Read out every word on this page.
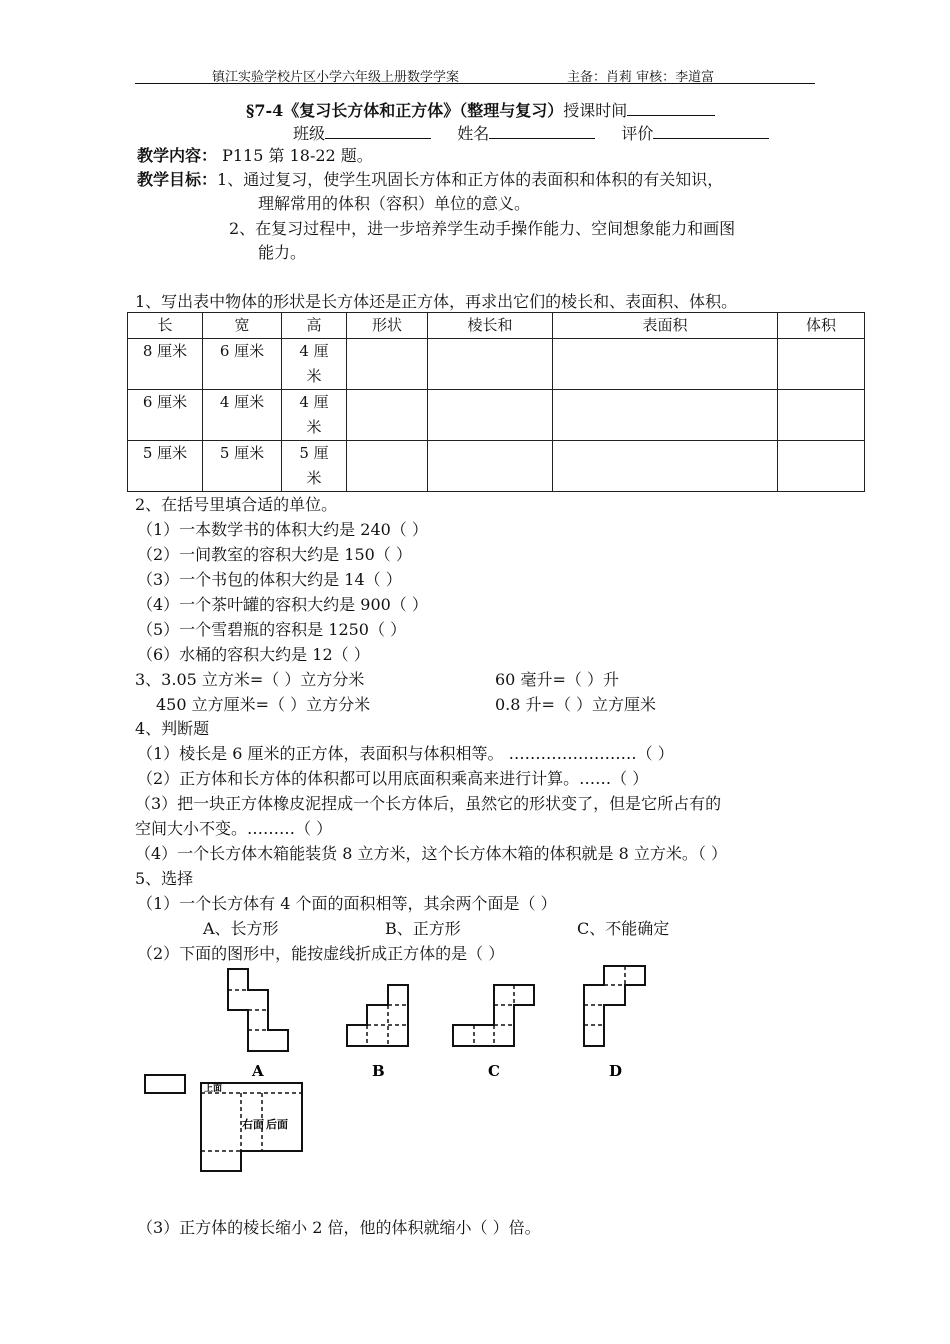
镇江实验学校片区小学六年级上册数学学案	主备：肖莉 审核：李道富
§7-4《复习长方体和正方体》（整理与复习）授课时间
班级	姓名	评价
教学内容： P115 第 18-22 题。
教学目标：1、通过复习，使学生巩固长方体和正方体的表面积和体积的有关知识，
理解常用的体积（容积）单位的意义。
2、在复习过程中，进一步培养学生动手操作能力、空间想象能力和画图
能力。
1、写出表中物体的形状是长方体还是正方体，再求出它们的棱长和、表面积、体积。
长	宽	高	形状	棱长和	表面积	体积
8 厘米	6 厘米	4 厘
米				

6 厘米	4 厘米	4 厘
米				

5 厘米	5 厘米	5 厘
米				

2、在括号里填合适的单位。
（1）一本数学书的体积大约是 240（ ）
（2）一间教室的容积大约是 150（ ）
（3）一个书包的体积大约是 14（ ）
（4）一个茶叶罐的容积大约是 900（ ）
（5）一个雪碧瓶的容积是 1250（ ）
（6）水桶的容积大约是 12（ ）
3、3.05 立方米=（ ）立方分米	60 毫升=（ ）升
450 立方厘米=（ ）立方分米	0.8 升=（ ）立方厘米
4、判断题
（1）棱长是 6 厘米的正方体，表面积与体积相等。 ……………………（ ）
（2）正方体和长方体的体积都可以用底面积乘高来进行计算。……（ ）
（3）把一块正方体橡皮泥捏成一个长方体后，虽然它的形状变了，但是它所占有的
空间大小不变。………（ ）
（4）一个长方体木箱能装货 8 立方米，这个长方体木箱的体积就是 8 立方米。（ ）
5、选择
（1）一个长方体有 4 个面的面积相等，其余两个面是（ ）
A、长方形	B、正方形	C、不能确定
（2）下面的图形中，能按虚线折成正方体的是（ ）
A	B	C	D
上面
右面 后面
（3）正方体的棱长缩小 2 倍，他的体积就缩小（ ）倍。
